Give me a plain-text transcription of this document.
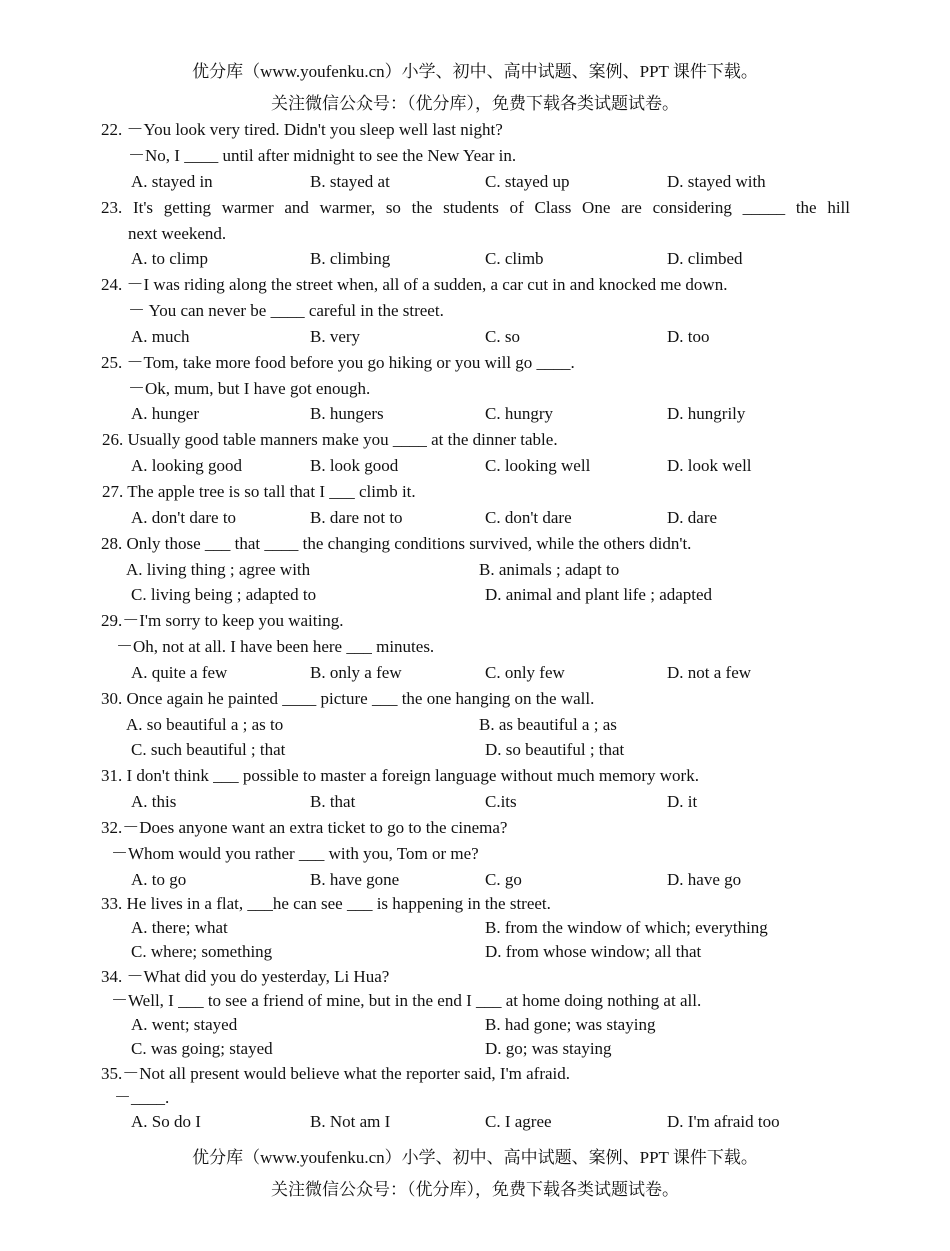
优分库（www.youfenku.cn）小学、初中、高中试题、案例、PPT 课件下载。
关注微信公众号：（优分库），免费下载各类试题试卷。
22. －You look very tired. Didn't you sleep well last night?
－No, I ____ until after midnight to see the New Year in.
A. stayed in	B. stayed at	C. stayed up	D. stayed with
23. It's getting warmer and warmer, so the students of Class One are considering _____ the hill
next weekend.
A. to climp	B. climbing	C. climb	D. climbed
24. －I was riding along the street when, all of a sudden, a car cut in and knocked me down.
－ You can never be ____ careful in the street.
A. much	B. very	C. so	D. too
25. －Tom, take more food before you go hiking or you will go ____.
－Ok, mum, but I have got enough.
A. hunger	B. hungers	C. hungry	D. hungrily
26. Usually good table manners make you ____ at the dinner table.
A. looking good	B. look good	C. looking well	D. look well
27. The apple tree is so tall that I ___ climb it.
A. don't dare to	B. dare not to	C. don't dare	D. dare
28. Only those ___ that ____ the changing conditions survived, while the others didn't.
A. living thing ; agree with	B. animals ; adapt to
C. living being ; adapted to	D. animal and plant life ; adapted
29.－I'm sorry to keep you waiting.
－Oh, not at all. I have been here ___ minutes.
A. quite a few	B. only a few	C. only few	D. not a few
30. Once again he painted ____ picture ___ the one hanging on the wall.
A. so beautiful a ; as to	B. as beautiful a ; as
C. such beautiful ; that	D. so beautiful ; that
31. I don't think ___ possible to master a foreign language without much memory work.
A. this	B. that	C.its	D. it
32.－Does anyone want an extra ticket to go to the cinema?
－Whom would you rather ___ with you, Tom or me?
A. to go	B. have gone	C. go	D. have go
33. He lives in a flat, ___he can see ___ is happening in the street.
A. there; what	B. from the window of which; everything
C. where; something	D. from whose window; all that
34. －What did you do yesterday, Li Hua?
－Well, I ___ to see a friend of mine, but in the end I ___ at home doing nothing at all.
A. went; stayed	B. had gone; was staying
C. was going; stayed	D. go; was staying
35.－Not all present would believe what the reporter said, I'm afraid.
－____.
A. So do I	B. Not am I	C. I agree	D. I'm afraid too
优分库（www.youfenku.cn）小学、初中、高中试题、案例、PPT 课件下载。
关注微信公众号：（优分库），免费下载各类试题试卷。
